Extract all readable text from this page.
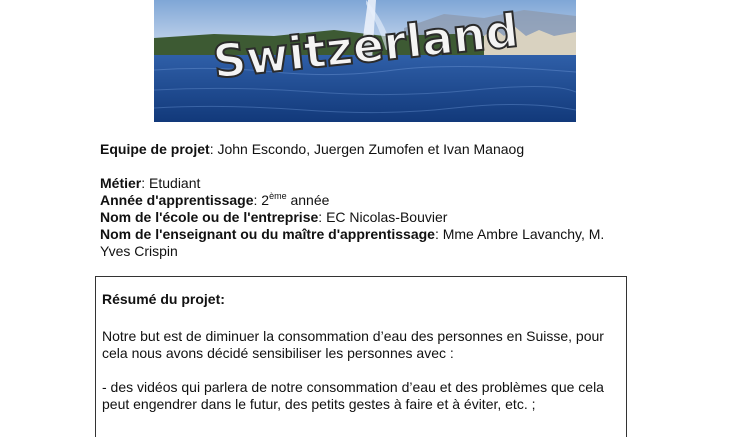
Switzerland
Equipe de projet: John Escondo, Juergen Zumofen et Ivan Manaog
Métier: Etudiant
Année d'apprentissage: 2ème année
Nom de l'école ou de l'entreprise: EC Nicolas-Bouvier
Nom de l'enseignant ou du maître d'apprentissage: Mme Ambre Lavanchy, M.
Yves Crispin
Résumé du projet:
Notre but est de diminuer la consommation d’eau des personnes en Suisse, pour
cela nous avons décidé sensibiliser les personnes avec :
- des vidéos qui parlera de notre consommation d’eau et des problèmes que cela
peut engendrer dans le futur, des petits gestes à faire et à éviter, etc. ;
